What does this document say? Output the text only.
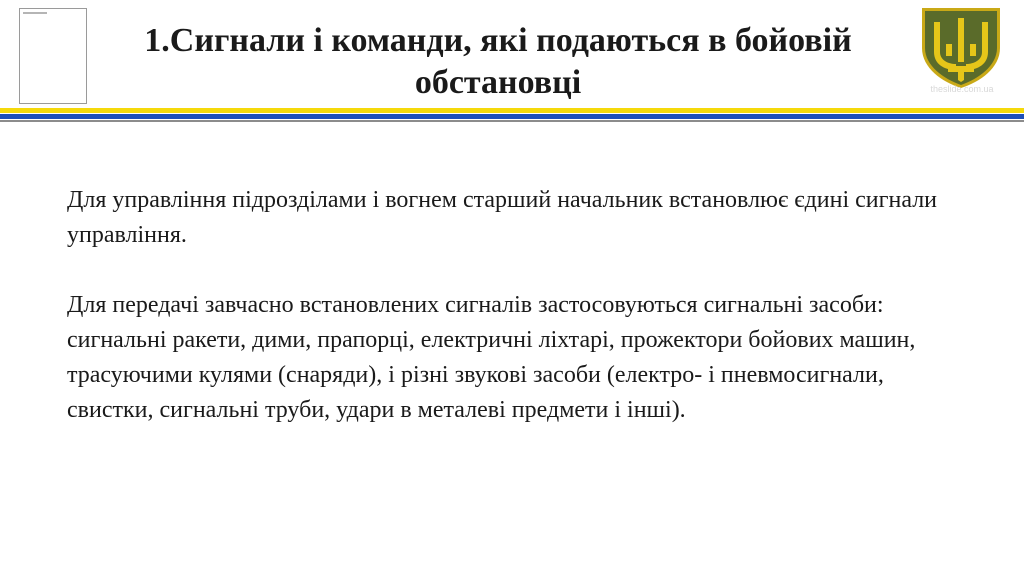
1.Сигнали і команди, які подаються в бойовій обстановці	theslide.com.ua

Для управління підрозділами і вогнем старший начальник встановлює єдині сигнали управління.

Для передачі завчасно встановлених сигналів застосовуються сигнальні засоби: сигнальні ракети, дими, прапорці, електричні ліхтарі, прожектори бойових машин, трасуючими кулями (снаряди), і різні звукові засоби (електро- і пневмосигнали, свистки, сигнальні труби, удари в металеві предмети і інші).
